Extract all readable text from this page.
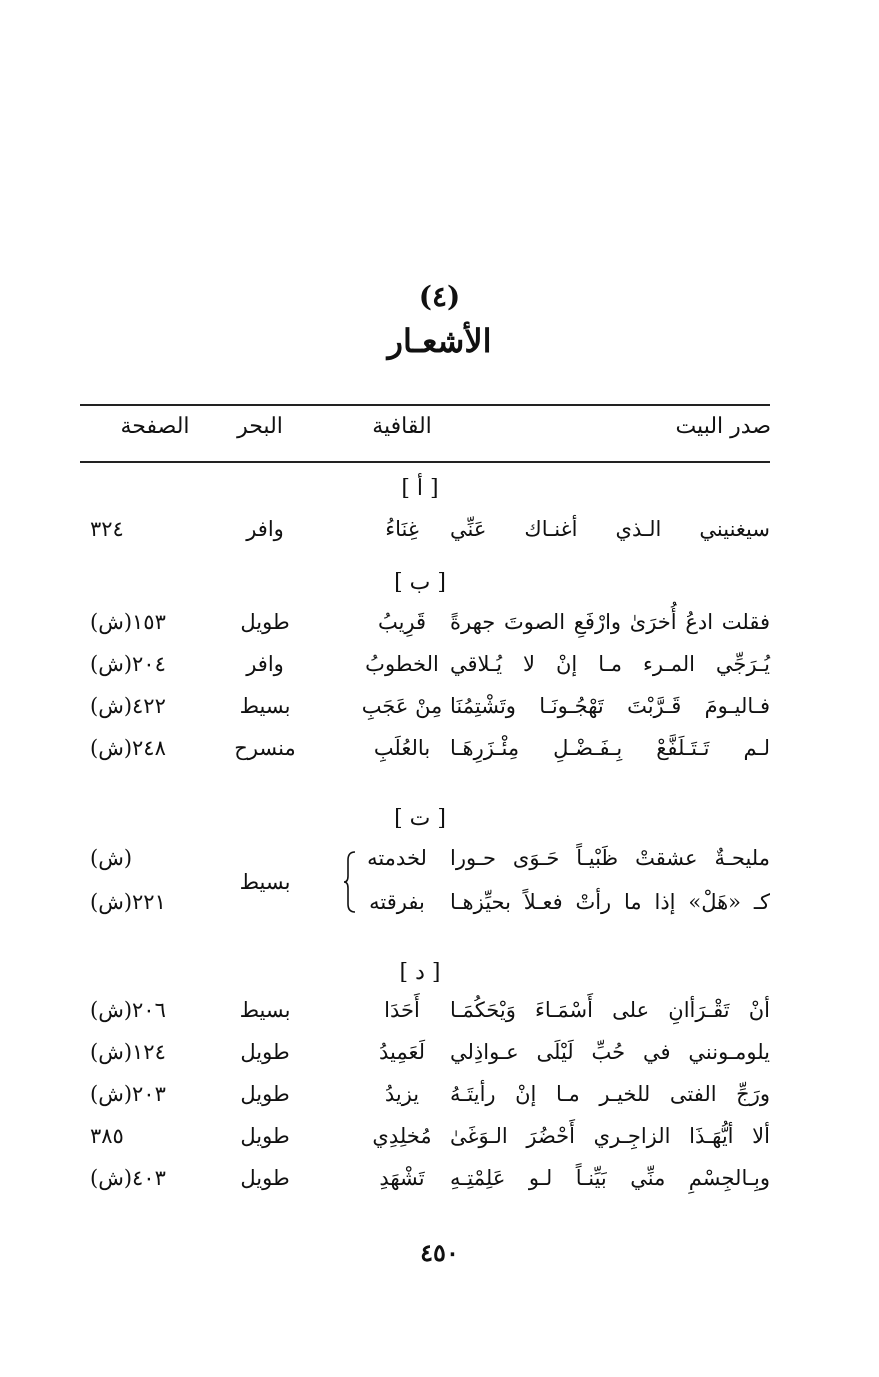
(٤)
الأشعـار
صدر البيت
القافية
البحر
الصفحة
[ أ ]
سيغنيني الـذي أغنـاك عَنِّي
غِنَاءُ
وافر
٣٢٤
[ ب ]
فقلت ادعُ أُخرَىٰ وارْفَعِ الصوتَ جهرةً
قَرِيبُ
طويل
١٥٣(ش)
يُـرَجِّي المـرء مـا إنْ لا يُـلاقي
الخطوبُ
وافر
٢٠٤(ش)
فـاليـومَ قَـرَّبْتَ تَهْجُـونَـا وتَشْتِمُنَا
مِنْ عَجَبِ
بسيط
٤٢٢(ش)
لـم تَـتَـلَفَّعْ بِـفَـضْـلِ مِئْـزَرِهَـا
بالعُلَبِ
منسرح
٢٤٨(ش)
[ ت ]
مليحـةٌ عشقتْ ظَبْيـاً حَـوَى حـورا
لخدمته
(ش)
كـ «هَلْ» إذا ما رأتْ فعـلاً بحيِّزهـا
بفرقته
٢٢١(ش)
بسيط
[ د ]
أنْ تَقْـرَأانِ على أَسْمَـاءَ وَيْحَكُمَـا
أَحَدَا
بسيط
٢٠٦(ش)
يلومـونني في حُبِّ لَيْلَى عـواذِلي
لَعَمِيدُ
طويل
١٢٤(ش)
ورَجِّ الفتى للخيـر مـا إنْ رأيتَـهُ
يزيدُ
طويل
٢٠٣(ش)
ألا أيُّهَـذَا الزاجِـري أَحْضُرَ الـوَغَىٰ
مُخلِدِي
طويل
٣٨٥
وبِـالجِسْمِ منِّي بَيِّنـاً لـو عَلِمْتِـهِ
تَشْهَدِ
طويل
٤٠٣(ش)
٤٥٠
